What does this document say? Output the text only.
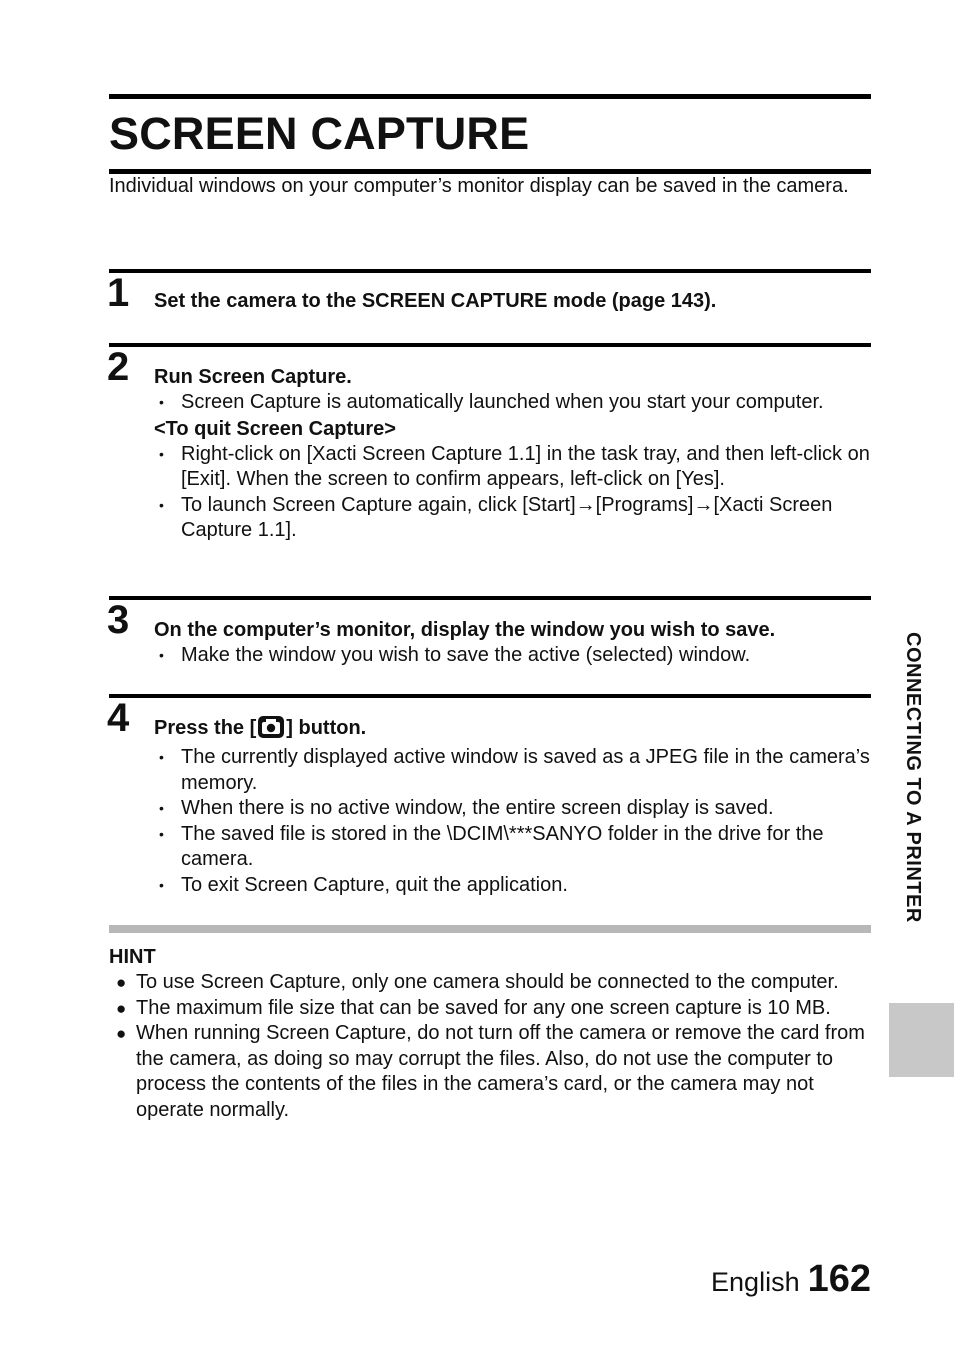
SCREEN CAPTURE
Individual windows on your computer’s monitor display can be saved in the camera.
1 Set the camera to the SCREEN CAPTURE mode (page 143).
2 Run Screen Capture.
• Screen Capture is automatically launched when you start your computer.
<To quit Screen Capture>
• Right-click on [Xacti Screen Capture 1.1] in the task tray, and then left-click on [Exit]. When the screen to confirm appears, left-click on [Yes].
• To launch Screen Capture again, click [Start]→[Programs]→[Xacti Screen Capture 1.1].
3 On the computer’s monitor, display the window you wish to save.
• Make the window you wish to save the active (selected) window.
4 Press the [ ] button.
• The currently displayed active window is saved as a JPEG file in the camera’s memory.
• When there is no active window, the entire screen display is saved.
• The saved file is stored in the \DCIM\***SANYO folder in the drive for the camera.
• To exit Screen Capture, quit the application.
HINT
● To use Screen Capture, only one camera should be connected to the computer.
● The maximum file size that can be saved for any one screen capture is 10 MB.
● When running Screen Capture, do not turn off the camera or remove the card from the camera, as doing so may corrupt the files. Also, do not use the computer to process the contents of the files in the camera’s card, or the camera may not operate normally.
CONNECTING TO A PRINTER
English 162
